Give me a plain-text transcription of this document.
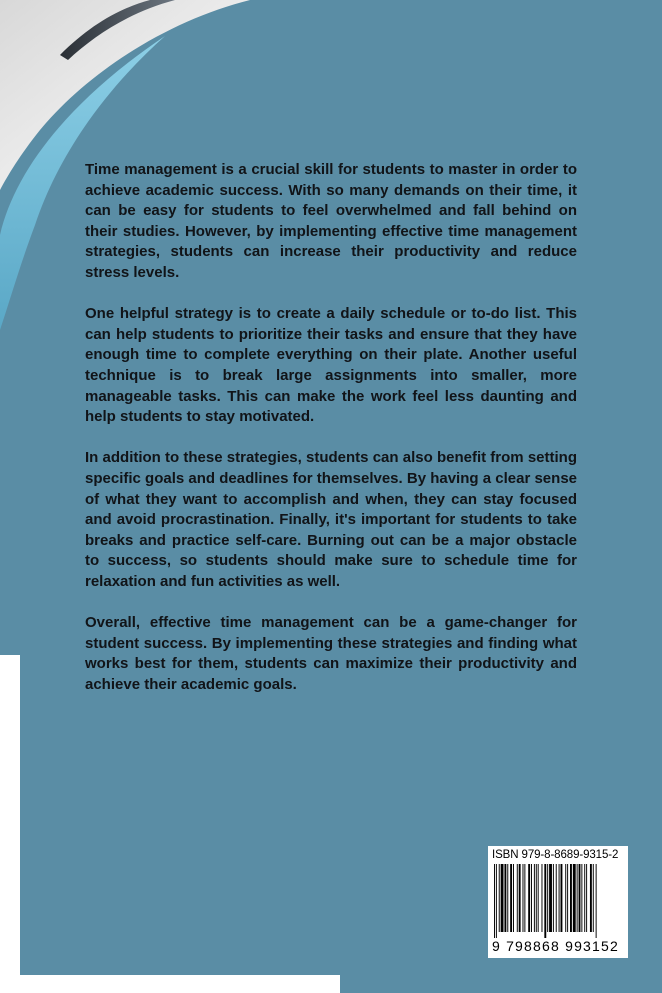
Time management is a crucial skill for students to master in order to achieve academic success. With so many demands on their time, it can be easy for students to feel overwhelmed and fall behind on their studies. However, by implementing effective time management strategies, students can increase their productivity and reduce stress levels.

One helpful strategy is to create a daily schedule or to-do list. This can help students to prioritize their tasks and ensure that they have enough time to complete everything on their plate. Another useful technique is to break large assignments into smaller, more manageable tasks. This can make the work feel less daunting and help students to stay motivated.

In addition to these strategies, students can also benefit from setting specific goals and deadlines for themselves. By having a clear sense of what they want to accomplish and when, they can stay focused and avoid procrastination. Finally, it's important for students to take breaks and practice self-care. Burning out can be a major obstacle to success, so students should make sure to schedule time for relaxation and fun activities as well.

Overall, effective time management can be a game-changer for student success. By implementing these strategies and finding what works best for them, students can maximize their productivity and achieve their academic goals.

ISBN 979-8-8689-9315-2
9 798868 993152
